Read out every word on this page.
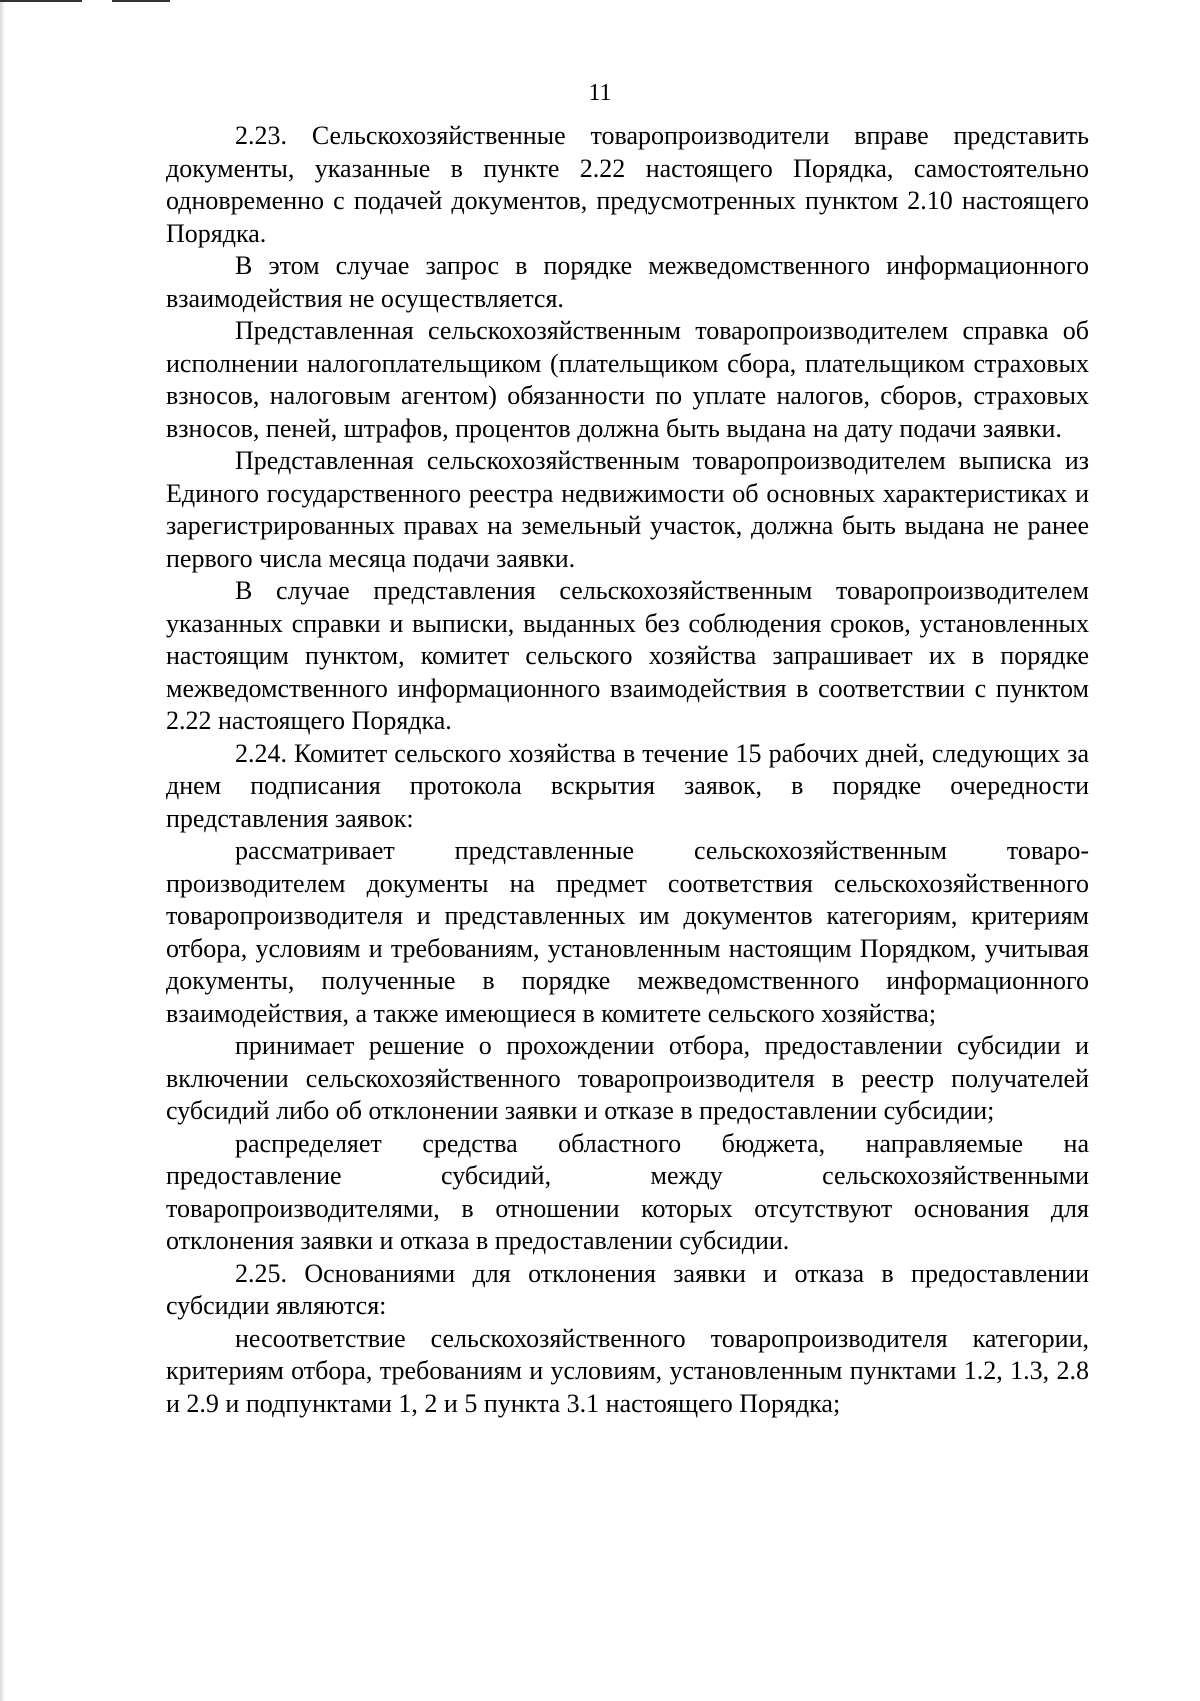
11

2.23. Сельскохозяйственные товаропроизводители вправе представить документы, указанные в пункте 2.22 настоящего Порядка, самостоятельно одновременно с подачей документов, предусмотренных пунктом 2.10 настоящего Порядка.

В этом случае запрос в порядке межведомственного информационного взаимодействия не осуществляется.

Представленная сельскохозяйственным товаропроизводителем справка об исполнении налогоплательщиком (плательщиком сбора, плательщиком страховых взносов, налоговым агентом) обязанности по уплате налогов, сборов, страховых взносов, пеней, штрафов, процентов должна быть выдана на дату подачи заявки.

Представленная сельскохозяйственным товаропроизводителем выписка из Единого государственного реестра недвижимости об основных характеристиках и зарегистрированных правах на земельный участок, должна быть выдана не ранее первого числа месяца подачи заявки.

В случае представления сельскохозяйственным товаропроизводителем указанных справки и выписки, выданных без соблюдения сроков, установленных настоящим пунктом, комитет сельского хозяйства запрашивает их в порядке межведомственного информационного взаимодействия в соответствии с пунктом 2.22 настоящего Порядка.

2.24. Комитет сельского хозяйства в течение 15 рабочих дней, следующих за днем подписания протокола вскрытия заявок, в порядке очередности представления заявок:

рассматривает представленные сельскохозяйственным товаропроизводителем документы на предмет соответствия сельскохозяйственного товаропроизводителя и представленных им документов категориям, критериям отбора, условиям и требованиям, установленным настоящим Порядком, учитывая документы, полученные в порядке межведомственного информационного взаимодействия, а также имеющиеся в комитете сельского хозяйства;

принимает решение о прохождении отбора, предоставлении субсидии и включении сельскохозяйственного товаропроизводителя в реестр получателей субсидий либо об отклонении заявки и отказе в предоставлении субсидии;

распределяет средства областного бюджета, направляемые на предоставление субсидий, между сельскохозяйственными товаропроизводителями, в отношении которых отсутствуют основания для отклонения заявки и отказа в предоставлении субсидии.

2.25. Основаниями для отклонения заявки и отказа в предоставлении субсидии являются:

несоответствие сельскохозяйственного товаропроизводителя категории, критериям отбора, требованиям и условиям, установленным пунктами 1.2, 1.3, 2.8 и 2.9 и подпунктами 1, 2 и 5 пункта 3.1 настоящего Порядка;
